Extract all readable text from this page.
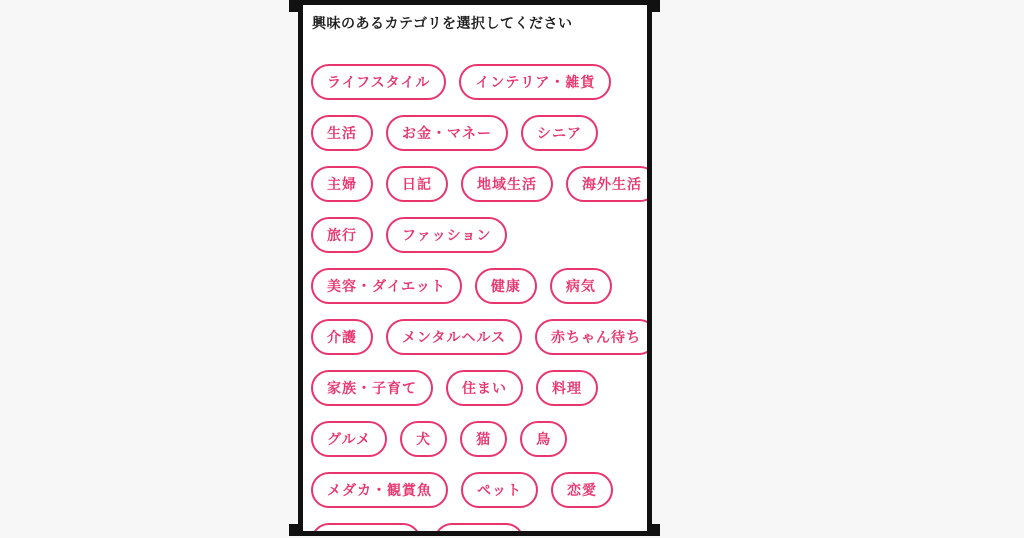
興味のあるカテゴリを選択してください
ライフスタイル	インテリア・雑貨
生活	お金・マネー	シニア
主婦	日記	地域生活	海外生活
旅行	ファッション
美容・ダイエット	健康	病気
介護	メンタルヘルス	赤ちゃん待ち
家族・子育て	住まい	料理
グルメ	犬	猫	鳥
メダカ・観賞魚	ペット	恋愛
